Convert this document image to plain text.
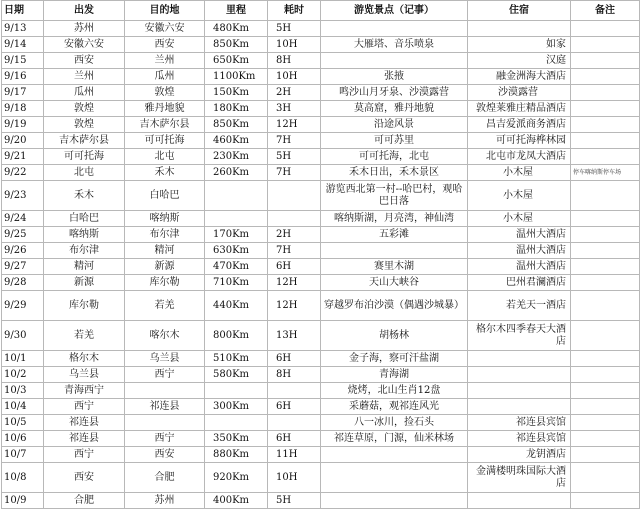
日期	出发	目的地	里程	耗时	游览景点（记事）	住宿	备注
9/13	苏州	安徽六安	480Km	5H			
9/14	安徽六安	西安	850Km	10H	大雁塔、音乐喷泉	如家	
9/15	西安	兰州	650Km	8H		汉庭	
9/16	兰州	瓜州	1100Km	10H	张掖	融金洲海大酒店	
9/17	瓜州	敦煌	150Km	2H	鸣沙山月牙泉、沙漠露营	沙漠露营	
9/18	敦煌	雅丹地貌	180Km	3H	莫高窟，雅丹地貌	敦煌莱雅庄精品酒店	
9/19	敦煌	吉木萨尔县	850Km	12H	沿途风景	昌吉爱派商务酒店	
9/20	吉木萨尔县	可可托海	460Km	7H	可可苏里	可可托海桦林园	
9/21	可可托海	北屯	230Km	5H	可可托海，北屯	北屯市龙凤大酒店	
9/22	北屯	禾木	260Km	7H	禾木日出，禾木景区	小木屋	停车喀纳斯停车场
9/23	禾木	白哈巴			游览西北第一村--哈巴村，观哈巴日落	小木屋	
9/24	白哈巴	喀纳斯			喀纳斯湖，月亮湾，神仙湾	小木屋	
9/25	喀纳斯	布尔津	170Km	2H	五彩滩	温州大酒店	
9/26	布尔津	精河	630Km	7H		温州大酒店	
9/27	精河	新源	470Km	6H	赛里木湖	温州大酒店	
9/28	新源	库尔勒	710Km	12H	天山大峡谷	巴州君澜酒店	
9/29	库尔勒	若羌	440Km	12H	穿越罗布泊沙漠（偶遇沙城暴）	若羌天一酒店	
9/30	若羌	喀尔木	800Km	13H	胡杨林	格尔木四季春天大酒店	
10/1	格尔木	乌兰县	510Km	6H	金子海，察可汗盐湖		
10/2	乌兰县	西宁	580Km	8H	青海湖		
10/3	青海西宁				烧烤，北山生肖12盘		
10/4	西宁	祁连县	300Km	6H	采蘑菇，观祁连风光		
10/5	祁连县				八一冰川，捡石头	祁连县宾馆	
10/6	祁连县	西宁	350Km	6H	祁连草原，门源，仙米林场	祁连县宾馆	
10/7	西宁	西安	880Km	11H		龙钥酒店	
10/8	西安	合肥	920Km	10H		金满楼明珠国际大酒店	
10/9	合肥	苏州	400Km	5H			
